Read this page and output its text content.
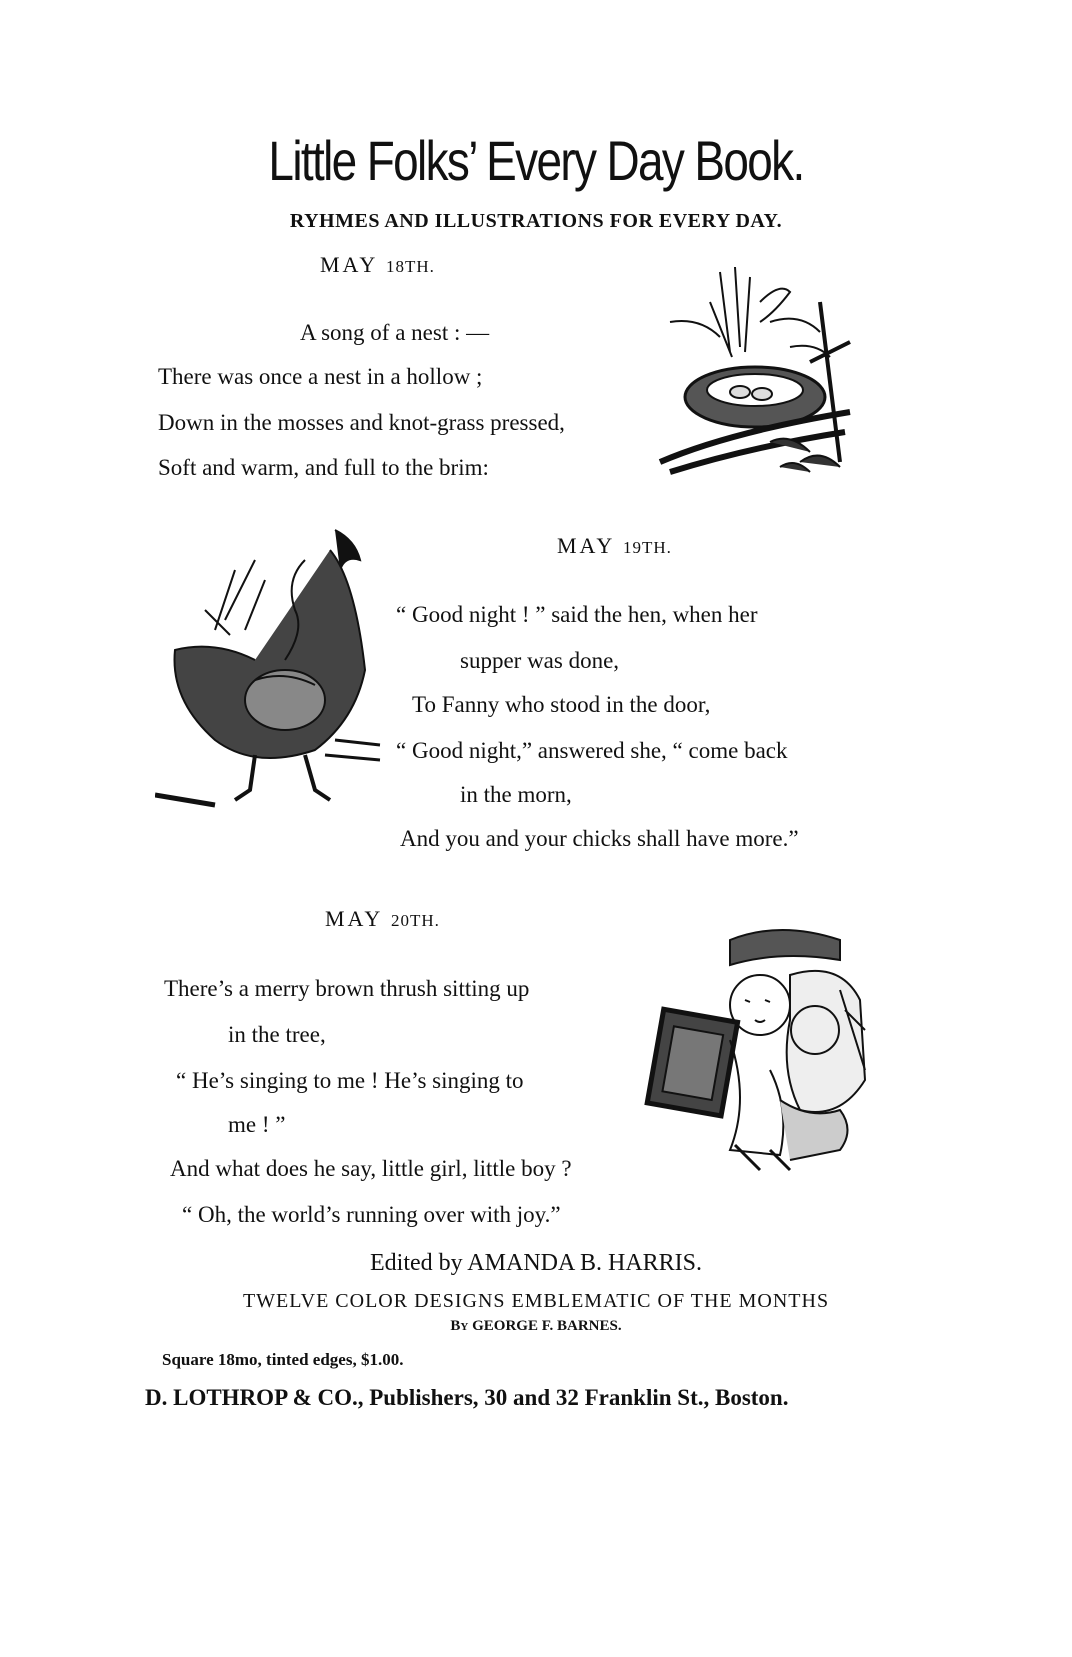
Little Folks’ Every Day Book.
RYHMES AND ILLUSTRATIONS FOR EVERY DAY.
MAY 18TH.
A song of a nest : —
There was once a nest in a hollow ;
Down in the mosses and knot-grass pressed,
Soft and warm, and full to the brim:
MAY 19TH.
“ Good night ! ” said the hen, when her
supper was done,
To Fanny who stood in the door,
“ Good night,” answered she, “ come back
in the morn,
And you and your chicks shall have more.”
MAY 20TH.
There’s a merry brown thrush sitting up
in the tree,
“ He’s singing to me ! He’s singing to
me ! ”
And what does he say, little girl, little boy ?
“ Oh, the world’s running over with joy.”
Edited by AMANDA B. HARRIS.
TWELVE COLOR DESIGNS EMBLEMATIC OF THE MONTHS
By GEORGE F. BARNES.
Square 18mo, tinted edges, $1.00.
D. LOTHROP & CO., Publishers, 30 and 32 Franklin St., Boston.
